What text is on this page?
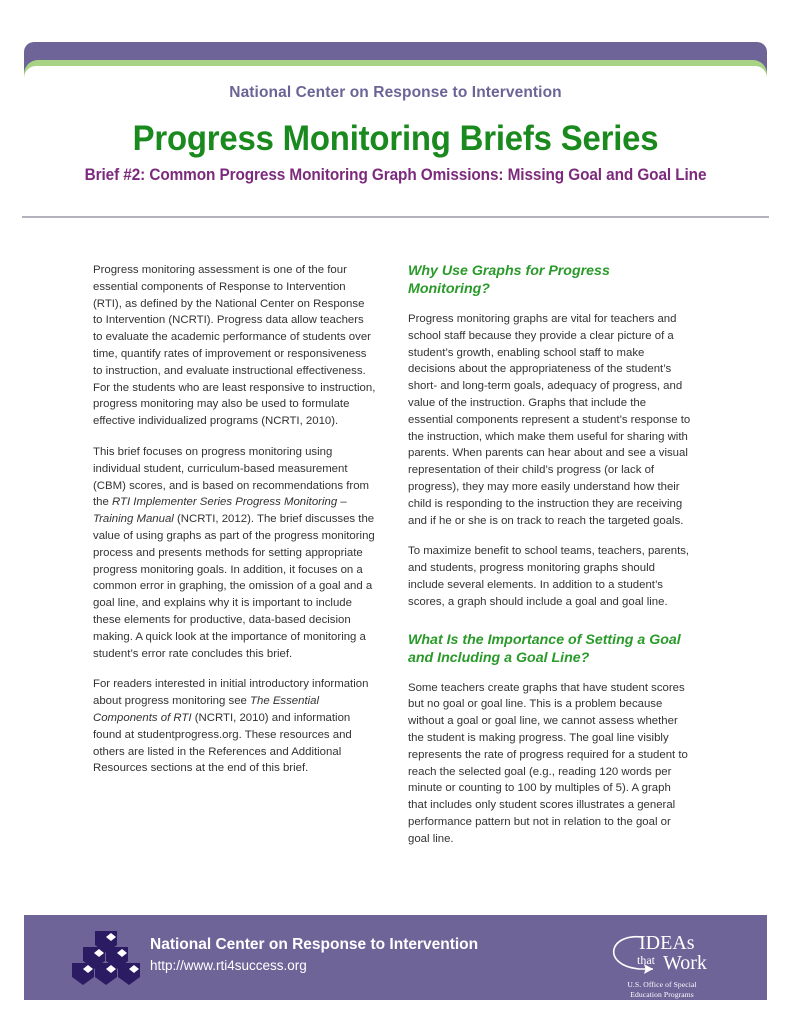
National Center on Response to Intervention
Progress Monitoring Briefs Series
Brief #2: Common Progress Monitoring Graph Omissions: Missing Goal and Goal Line

Progress monitoring assessment is one of the four essential components of Response to Intervention (RTI), as defined by the National Center on Response to Intervention (NCRTI). Progress data allow teachers to evaluate the academic performance of students over time, quantify rates of improvement or responsiveness to instruction, and evaluate instructional effectiveness. For the students who are least responsive to instruction, progress monitoring may also be used to formulate effective individualized programs (NCRTI, 2010).

This brief focuses on progress monitoring using individual student, curriculum-based measurement (CBM) scores, and is based on recommendations from the RTI Implementer Series Progress Monitoring – Training Manual (NCRTI, 2012). The brief discusses the value of using graphs as part of the progress monitoring process and presents methods for setting appropriate progress monitoring goals. In addition, it focuses on a common error in graphing, the omission of a goal and a goal line, and explains why it is important to include these elements for productive, data-based decision making. A quick look at the importance of monitoring a student’s error rate concludes this brief.

For readers interested in initial introductory information about progress monitoring see The Essential Components of RTI (NCRTI, 2010) and information found at studentprogress.org. These resources and others are listed in the References and Additional Resources sections at the end of this brief.

Why Use Graphs for Progress Monitoring?

Progress monitoring graphs are vital for teachers and school staff because they provide a clear picture of a student’s growth, enabling school staff to make decisions about the appropriateness of the student’s short- and long-term goals, adequacy of progress, and value of the instruction. Graphs that include the essential components represent a student’s response to the instruction, which make them useful for sharing with parents. When parents can hear about and see a visual representation of their child’s progress (or lack of progress), they may more easily understand how their child is responding to the instruction they are receiving and if he or she is on track to reach the targeted goals.

To maximize benefit to school teams, teachers, parents, and students, progress monitoring graphs should include several elements. In addition to a student’s scores, a graph should include a goal and goal line.

What Is the Importance of Setting a Goal and Including a Goal Line?

Some teachers create graphs that have student scores but no goal or goal line. This is a problem because without a goal or goal line, we cannot assess whether the student is making progress. The goal line visibly represents the rate of progress required for a student to reach the selected goal (e.g., reading 120 words per minute or counting to 100 by multiples of 5). A graph that includes only student scores illustrates a general performance pattern but not in relation to the goal or goal line.

National Center on Response to Intervention
http://www.rti4success.org
IDEAs
that Work
U.S. Office of Special
Education Programs
